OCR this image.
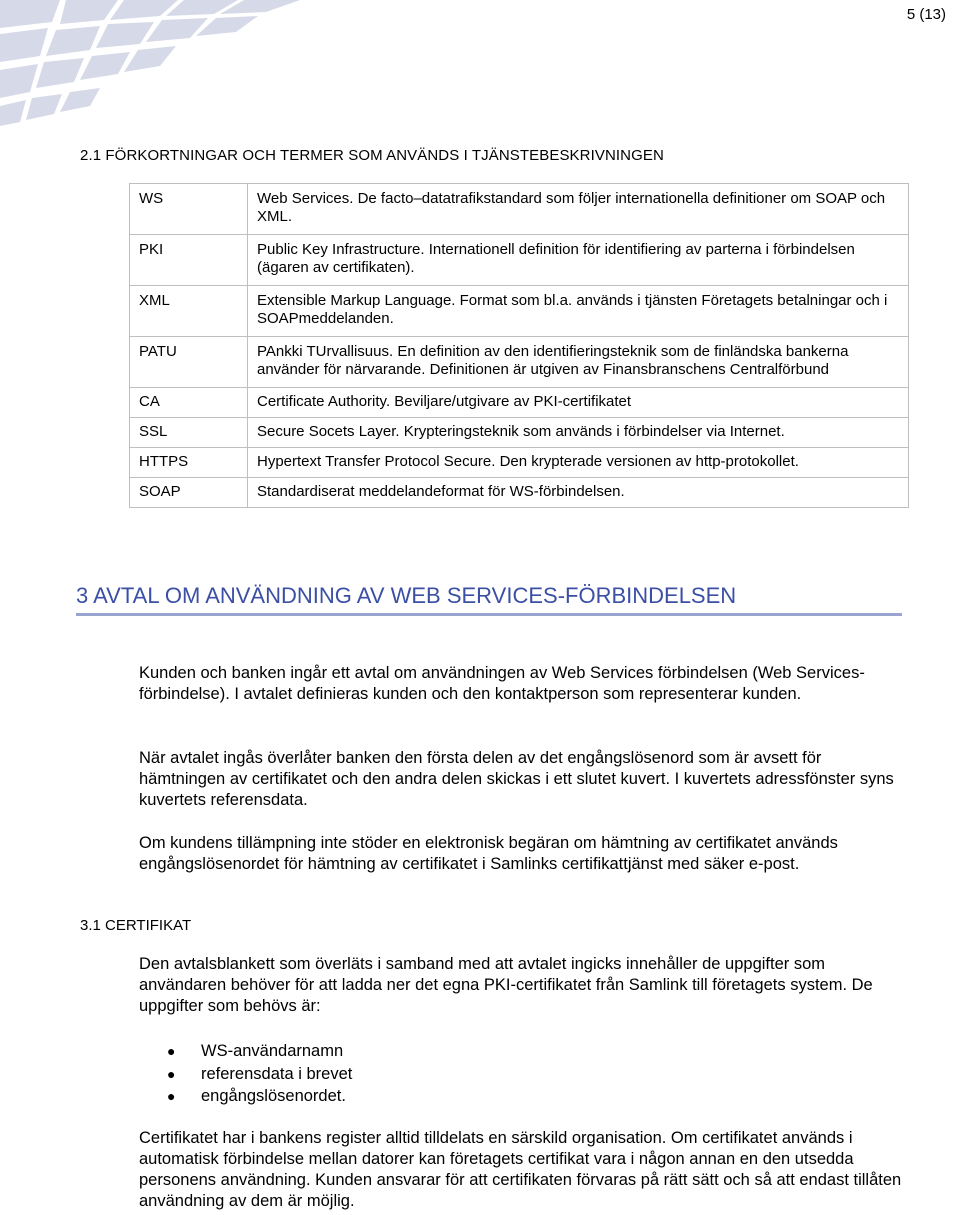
5 (13)
2.1 FÖRKORTNINGAR OCH TERMER SOM ANVÄNDS I TJÄNSTEBESKRIVNINGEN
WS	Web Services. De facto–datatrafikstandard som följer internationella definitioner om SOAP och XML.
PKI	Public Key Infrastructure. Internationell definition för identifiering av parterna i förbindelsen (ägaren av certifikaten).
XML	Extensible Markup Language. Format som bl.a. används i tjänsten Företagets betalningar och i SOAPmeddelanden.
PATU	PAnkki TUrvallisuus. En definition av den identifieringsteknik som de finländska bankerna använder för närvarande. Definitionen är utgiven av Finansbranschens Centralförbund
CA	Certificate Authority. Beviljare/utgivare av PKI-certifikatet
SSL	Secure Socets Layer. Krypteringsteknik som används i förbindelser via Internet.
HTTPS	Hypertext Transfer Protocol Secure. Den krypterade versionen av http-protokollet.
SOAP	Standardiserat meddelandeformat för WS-förbindelsen.
3 AVTAL OM ANVÄNDNING AV WEB SERVICES-FÖRBINDELSEN

Kunden och banken ingår ett avtal om användningen av Web Services förbindelsen (Web Services-förbindelse). I avtalet definieras kunden och den kontaktperson som representerar kunden.

När avtalet ingås överlåter banken den första delen av det engångslösenord som är avsett för hämtningen av certifikatet och den andra delen skickas i ett slutet kuvert. I kuvertets adressfönster syns kuvertets referensdata.

Om kundens tillämpning inte stöder en elektronisk begäran om hämtning av certifikatet används engångslösenordet för hämtning av certifikatet i Samlinks certifikattjänst med säker e-post.

3.1 CERTIFIKAT

Den avtalsblankett som överläts i samband med att avtalet ingicks innehåller de uppgifter som användaren behöver för att ladda ner det egna PKI-certifikatet från Samlink till företagets system. De uppgifter som behövs är:

● WS-användarnamn
● referensdata i brevet
● engångslösenordet.

Certifikatet har i bankens register alltid tilldelats en särskild organisation. Om certifikatet används i automatisk förbindelse mellan datorer kan företagets certifikat vara i någon annan en den utsedda personens användning. Kunden ansvarar för att certifikaten förvaras på rätt sätt och så att endast tillåten användning av dem är möjlig.
